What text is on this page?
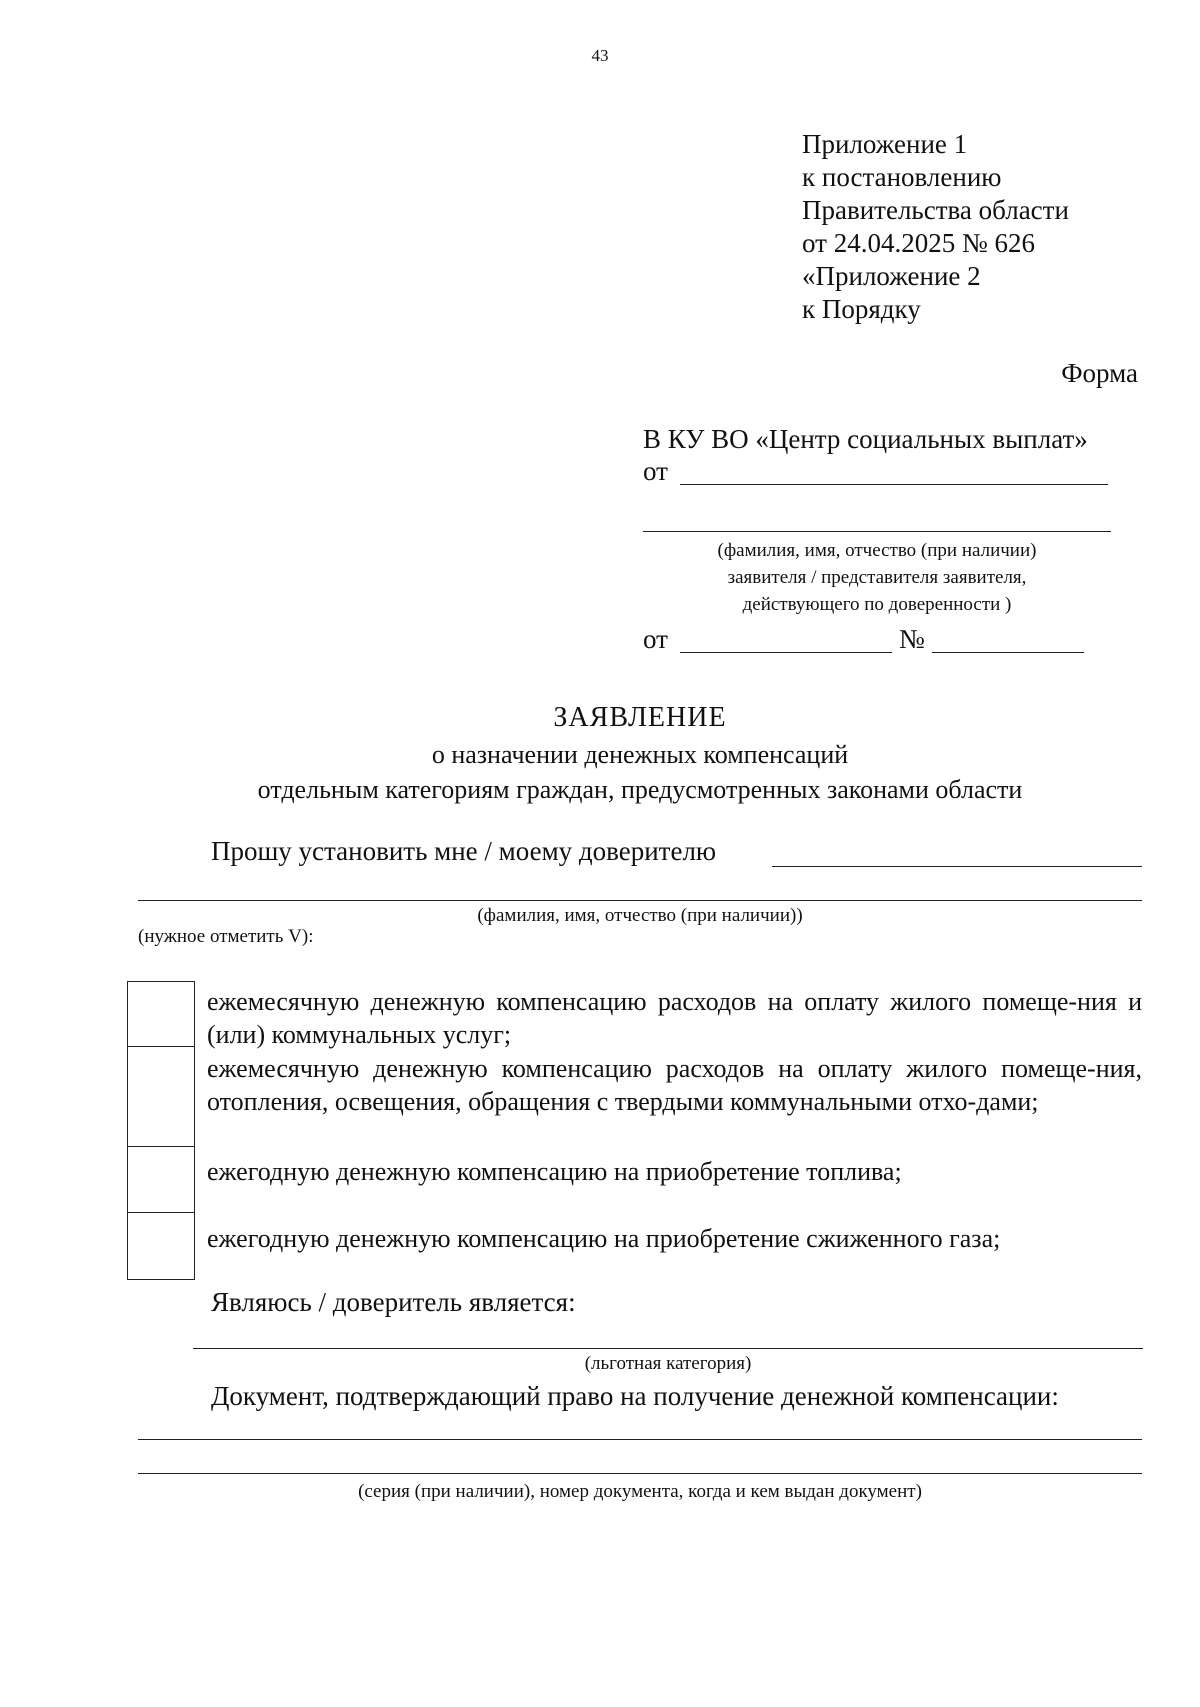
43
Приложение 1
к постановлению
Правительства области
от 24.04.2025 № 626
«Приложение 2
к Порядку
Форма
В КУ ВО «Центр социальных выплат»
от
(фамилия, имя, отчество (при наличии)
заявителя / представителя заявителя,
действующего по доверенности )
от	№
ЗАЯВЛЕНИЕ
о назначении денежных компенсаций
отдельным категориям граждан, предусмотренных законами области
Прошу установить мне / моему доверителю
(фамилия, имя, отчество (при наличии))
(нужное отметить V):
ежемесячную денежную компенсацию расходов на оплату жилого помеще-ния и (или) коммунальных услуг;
ежемесячную денежную компенсацию расходов на оплату жилого помеще-ния, отопления, освещения, обращения с твердыми коммунальными отхо-дами;
ежегодную денежную компенсацию на приобретение топлива;
ежегодную денежную компенсацию на приобретение сжиженного газа;
Являюсь / доверитель является:
(льготная категория)
Документ, подтверждающий право на получение денежной компенсации:
(серия (при наличии), номер документа, когда и кем выдан документ)
